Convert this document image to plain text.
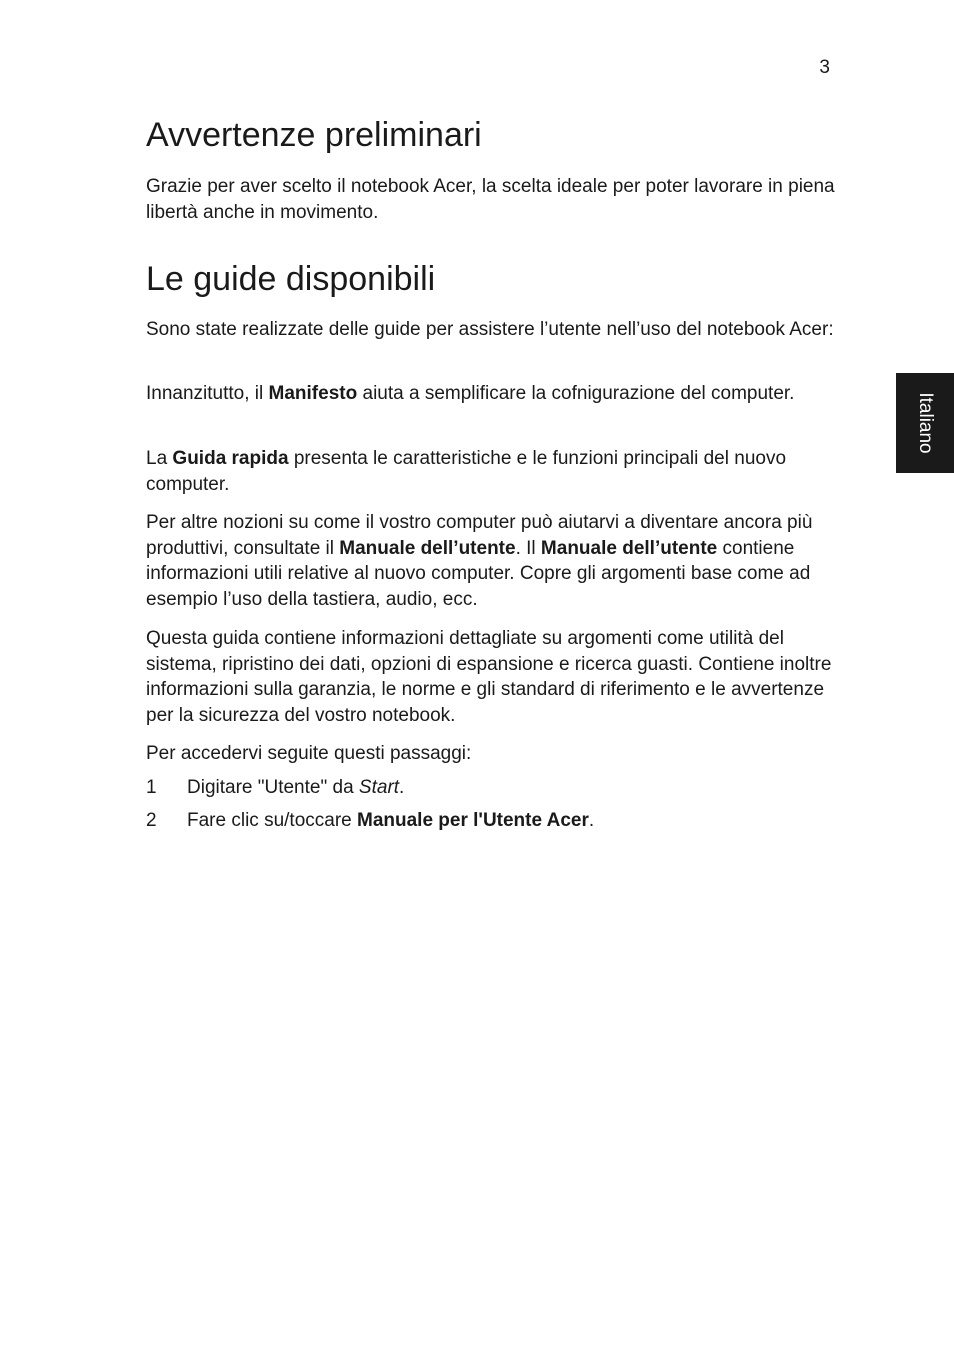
3
Italiano
Avvertenze preliminari

Grazie per aver scelto il notebook Acer, la scelta ideale per poter lavorare in piena libertà anche in movimento.

Le guide disponibili

Sono state realizzate delle guide per assistere l’utente nell’uso del notebook Acer:

Innanzitutto, il Manifesto aiuta a semplificare la cofnigurazione del computer.

La Guida rapida presenta le caratteristiche e le funzioni principali del nuovo computer.

Per altre nozioni su come il vostro computer può aiutarvi a diventare ancora più produttivi, consultate il Manuale dell’utente. Il Manuale dell’utente contiene informazioni utili relative al nuovo computer. Copre gli argomenti base come ad esempio l’uso della tastiera, audio, ecc.

Questa guida contiene informazioni dettagliate su argomenti come utilità del sistema, ripristino dei dati, opzioni di espansione e ricerca guasti. Contiene inoltre informazioni sulla garanzia, le norme e gli standard di riferimento e le avvertenze per la sicurezza del vostro notebook.

Per accedervi seguite questi passaggi:

1 Digitare "Utente" da Start.
2 Fare clic su/toccare Manuale per l'Utente Acer.
